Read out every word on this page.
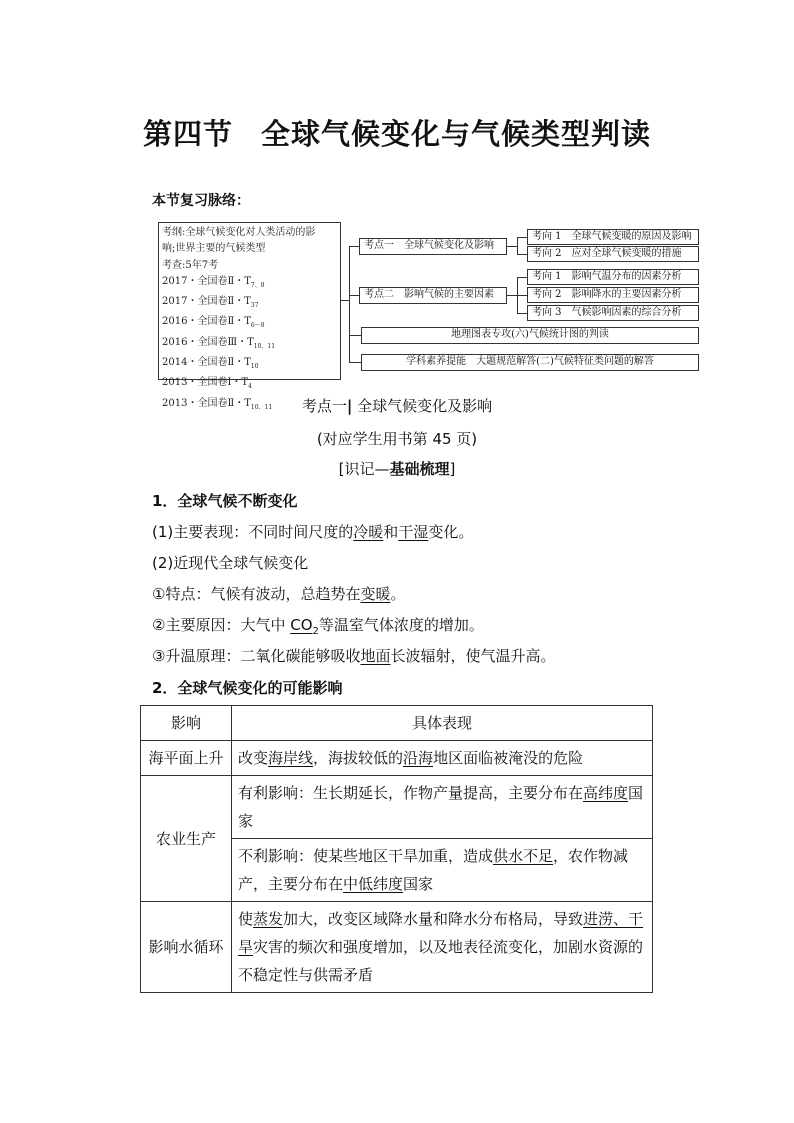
第四节 全球气候变化与气候类型判读
本节复习脉络：
考纲:全球气候变化对人类活动的影
响;世界主要的气候类型
考查:5年7考
2017・全国卷Ⅱ・$T_{7、8}$
2017・全国卷Ⅱ・$T_{37}$
2016・全国卷Ⅱ・$T_{6\sim 8}$
2016・全国卷Ⅲ・$T_{10、11}$
2014・全国卷Ⅱ・$T_{10}$
2013・全国卷Ⅰ・$T_4$
2013・全国卷Ⅱ・$T_{10、11}$
考点一　全球气候变化及影响
考向 1　全球气候变暖的原因及影响
考向 2　应对全球气候变暖的措施
考点二　影响气候的主要因素
考向 1　影响气温分布的因素分析
考向 2　影响降水的主要因素分析
考向 3　气候影响因素的综合分析
地理图表专攻(六)气候统计图的判读
学科素养提能　大题规范解答(二)气候特征类问题的解答
考点一| 全球气候变化及影响
(对应学生用书第 45 页)
[识记—基础梳理]
1．全球气候不断变化
(1)主要表现：不同时间尺度的冷暖和干湿变化。
(2)近现代全球气候变化
①特点：气候有波动，总趋势在变暖。
②主要原因：大气中 $CO_2$等温室气体浓度的增加。
③升温原理：二氧化碳能够吸收地面长波辐射，使气温升高。
2．全球气候变化的可能影响
影响	具体表现
海平面上升	改变海岸线，海拔较低的沿海地区面临被淹没的危险
农业生产	有利影响：生长期延长，作物产量提高，主要分布在高纬度国家
	不利影响：使某些地区干旱加重，造成供水不足，农作物减产，主要分布在中低纬度国家
影响水循环	使蒸发加大，改变区域降水量和降水分布格局，导致进涝、干旱灾害的频次和强度增加，以及地表径流变化，加剧水资源的不稳定性与供需矛盾
